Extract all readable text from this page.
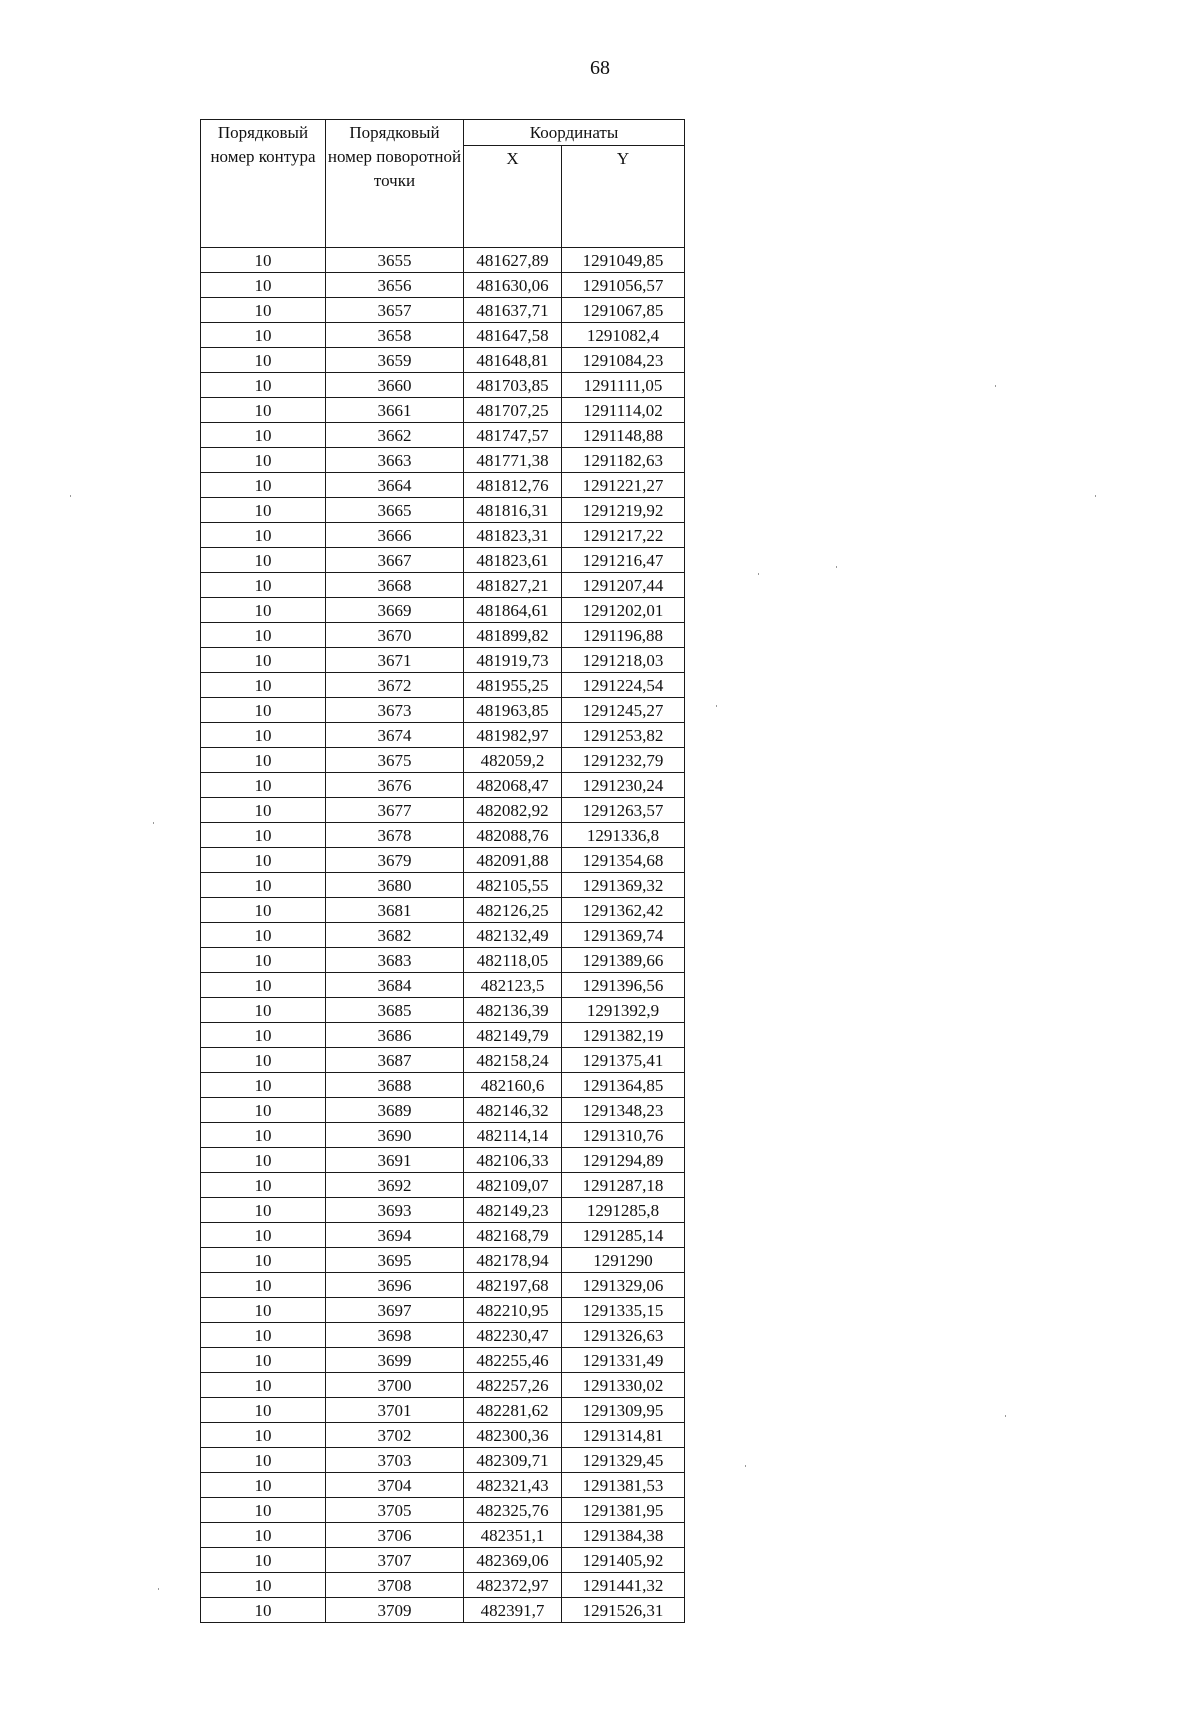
68
Порядковый номер контура	Порядковый номер поворотной точки	Координаты	
		X	Y
10	3655	481627,89	1291049,85
10	3656	481630,06	1291056,57
10	3657	481637,71	1291067,85
10	3658	481647,58	1291082,4
10	3659	481648,81	1291084,23
10	3660	481703,85	1291111,05
10	3661	481707,25	1291114,02
10	3662	481747,57	1291148,88
10	3663	481771,38	1291182,63
10	3664	481812,76	1291221,27
10	3665	481816,31	1291219,92
10	3666	481823,31	1291217,22
10	3667	481823,61	1291216,47
10	3668	481827,21	1291207,44
10	3669	481864,61	1291202,01
10	3670	481899,82	1291196,88
10	3671	481919,73	1291218,03
10	3672	481955,25	1291224,54
10	3673	481963,85	1291245,27
10	3674	481982,97	1291253,82
10	3675	482059,2	1291232,79
10	3676	482068,47	1291230,24
10	3677	482082,92	1291263,57
10	3678	482088,76	1291336,8
10	3679	482091,88	1291354,68
10	3680	482105,55	1291369,32
10	3681	482126,25	1291362,42
10	3682	482132,49	1291369,74
10	3683	482118,05	1291389,66
10	3684	482123,5	1291396,56
10	3685	482136,39	1291392,9
10	3686	482149,79	1291382,19
10	3687	482158,24	1291375,41
10	3688	482160,6	1291364,85
10	3689	482146,32	1291348,23
10	3690	482114,14	1291310,76
10	3691	482106,33	1291294,89
10	3692	482109,07	1291287,18
10	3693	482149,23	1291285,8
10	3694	482168,79	1291285,14
10	3695	482178,94	1291290
10	3696	482197,68	1291329,06
10	3697	482210,95	1291335,15
10	3698	482230,47	1291326,63
10	3699	482255,46	1291331,49
10	3700	482257,26	1291330,02
10	3701	482281,62	1291309,95
10	3702	482300,36	1291314,81
10	3703	482309,71	1291329,45
10	3704	482321,43	1291381,53
10	3705	482325,76	1291381,95
10	3706	482351,1	1291384,38
10	3707	482369,06	1291405,92
10	3708	482372,97	1291441,32
10	3709	482391,7	1291526,31
